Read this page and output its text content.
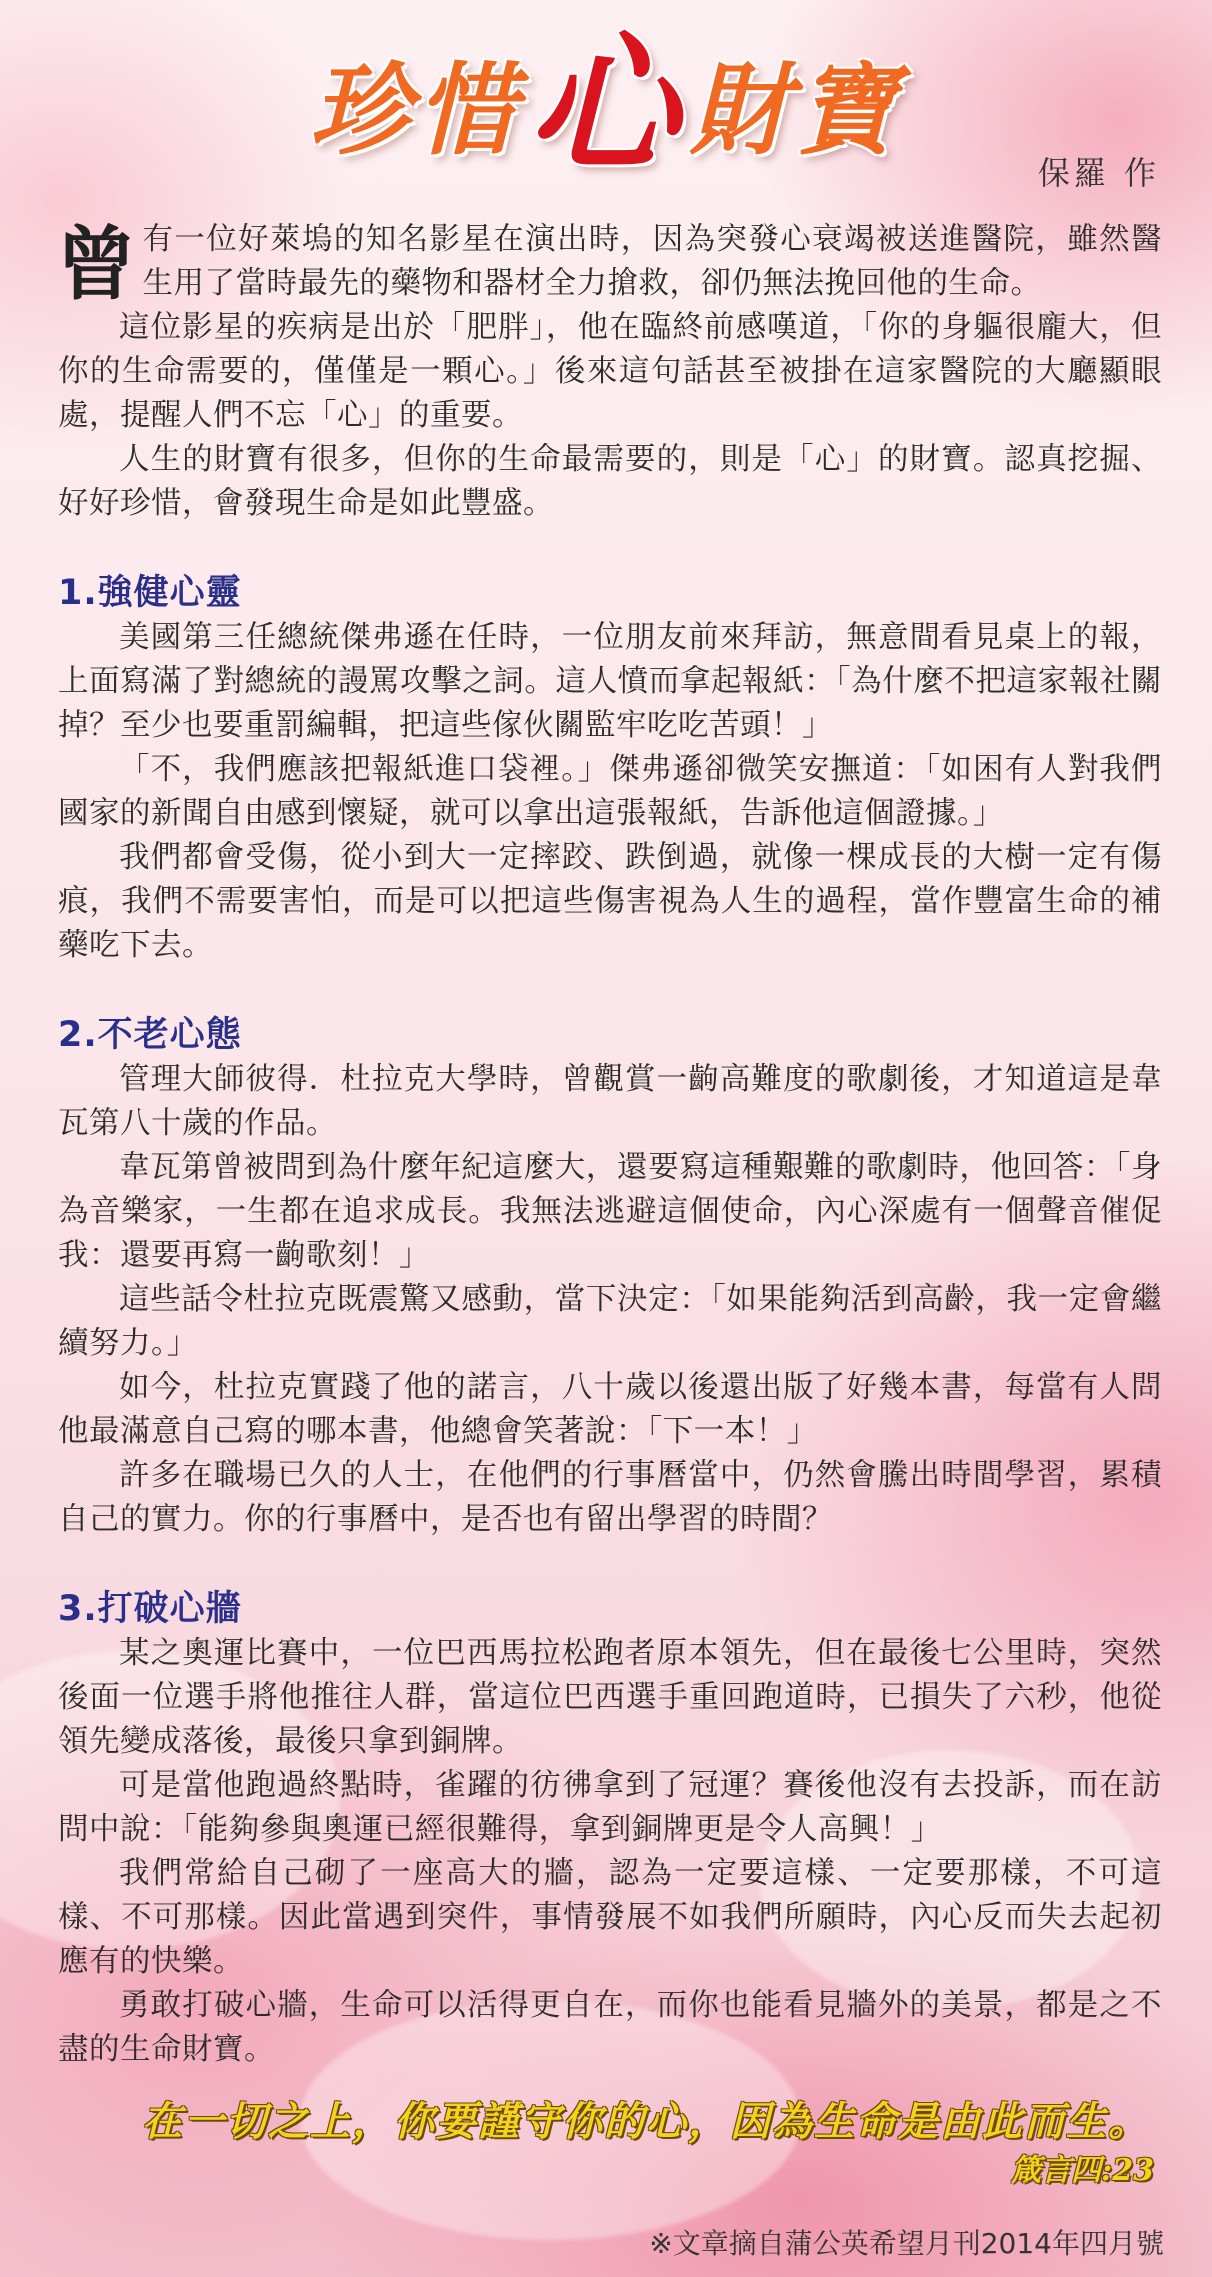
珍惜心財寶
保羅 作

曾有一位好萊塢的知名影星在演出時，因為突發心衰竭被送進醫院，雖然醫生用了當時最先的藥物和器材全力搶救，卻仍無法挽回他的生命。

這位影星的疾病是出於「肥胖」，他在臨終前感嘆道，「你的身軀很龐大，但你的生命需要的，僅僅是一顆心。」後來這句話甚至被掛在這家醫院的大廳顯眼處，提醒人們不忘「心」的重要。

人生的財寶有很多，但你的生命最需要的，則是「心」的財寶。認真挖掘、好好珍惜，會發現生命是如此豐盛。

1.強健心靈

美國第三任總統傑弗遜在任時，一位朋友前來拜訪，無意間看見桌上的報，上面寫滿了對總統的謾罵攻擊之詞。這人憤而拿起報紙：「為什麼不把這家報社關掉？至少也要重罰編輯，把這些傢伙關監牢吃吃苦頭！」

「不，我們應該把報紙進口袋裡。」傑弗遜卻微笑安撫道：「如困有人對我們國家的新聞自由感到懷疑，就可以拿出這張報紙，告訴他這個證據。」

我們都會受傷，從小到大一定摔跤、跌倒過，就像一棵成長的大樹一定有傷痕，我們不需要害怕，而是可以把這些傷害視為人生的過程，當作豐富生命的補藥吃下去。

2.不老心態

管理大師彼得．杜拉克大學時，曾觀賞一齣高難度的歌劇後，才知道這是韋瓦第八十歲的作品。

韋瓦第曾被問到為什麼年紀這麼大，還要寫這種艱難的歌劇時，他回答：「身為音樂家，一生都在追求成長。我無法逃避這個使命，內心深處有一個聲音催促我：還要再寫一齣歌刻！」

這些話令杜拉克既震驚又感動，當下決定：「如果能夠活到高齡，我一定會繼續努力。」

如今，杜拉克實踐了他的諾言，八十歲以後還出版了好幾本書，每當有人問他最滿意自己寫的哪本書，他總會笑著說：「下一本！」

許多在職場已久的人士，在他們的行事曆當中，仍然會騰出時間學習，累積自己的實力。你的行事曆中，是否也有留出學習的時間？

3.打破心牆

某之奧運比賽中，一位巴西馬拉松跑者原本領先，但在最後七公里時，突然後面一位選手將他推往人群，當這位巴西選手重回跑道時，已損失了六秒，他從領先變成落後，最後只拿到銅牌。

可是當他跑過終點時，雀躍的彷彿拿到了冠運？賽後他沒有去投訴，而在訪問中說：「能夠參與奧運已經很難得，拿到銅牌更是令人高興！」

我們常給自己砌了一座高大的牆，認為一定要這樣、一定要那樣，不可這樣、不可那樣。因此當遇到突件，事情發展不如我們所願時，內心反而失去起初應有的快樂。

勇敢打破心牆，生命可以活得更自在，而你也能看見牆外的美景，都是之不盡的生命財寶。

在一切之上，你要謹守你的心，因為生命是由此而生。
箴言四:23
※文章摘自蒲公英希望月刊2014年四月號
